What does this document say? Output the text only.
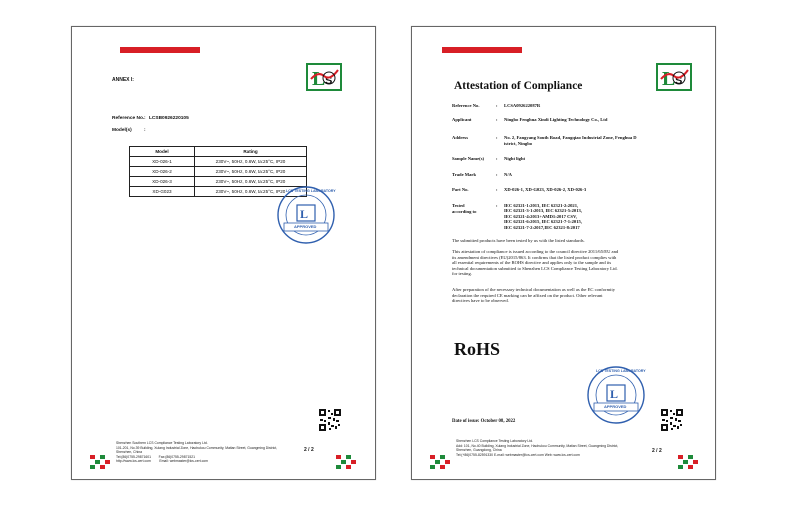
L S
ANNEX I:
Reference No. : LCSB0926220105
Model(s)	:
Model	Rating
XD-026-1	230V~, 50Hz, 0.6W, ta:25°C, IP20
XD-026-2	230V~, 50Hz, 0.6W, ta:25°C, IP20
XD-026-3	230V~, 50Hz, 0.6W, ta:25°C, IP20
XD-G023	230V~, 50Hz, 0.6W, ta:25°C, IP20
L
LCS TESTING LABORATORY
APPROVED
Shenzhen Southern LCS Compliance Testing Laboratory Ltd.
101-201, No.39 Building, Xulang Industrial Zone, Haohukou Community, Matian Street, Guangming District,
Shenzhen, China
Tel:(86)0755-29871601 Fax:(86)0755-29871521
http://www.lcs-cert.com Email: webmaster@lcs-cert.com
2 / 2
L S
Attestation of Compliance
Reference No.	: LCSA092622087R
Applicant	: Ningbo Fenghua Xindi Lighting Technology Co., Ltd
Address	: No. 2, Fangyang South Road, Fangqiao Industrial Zone, Fenghua D
istrict, Ningbo
Sample Name(s)	: Night light
Trade Mark	: N/A
Part No.	: XD-026-1, XD-G023, XD-026-2, XD-026-3
Tested
according to
: IEC 62321-1:2013, IEC 62321-2:2021,
IEC 62321-3-1:2013, IEC 62321-5:2013,
IEC 62321-4:2013+AMD1:2017 CSV,
IEC 62321-6:2015, IEC 62321-7-1:2015,
IEC 62321-7-2:2017,IEC 62321-8:2017
The submitted products have been tested by us with the listed standards.
This attestation of compliance is issued according to the council directive 2011/65/EU and
its amendment directives (EU)2015/863. It confirms that the listed product complies with
all essential requirements of the ROHS directive and applies only to the sample and its
technical documentation submitted to Shenzhen LCS Compliance Testing Laboratory Ltd.
for testing.
After preparation of the necessary technical documentation as well as the EC conformity
declaration the required CE marking can be affixed on the product. Other relevant
directives have to be observed.
RoHS
L
LCS TESTING LABORATORY
APPROVED
Date of issue: October 08, 2022
Shenzhen LCS Compliance Testing Laboratory Ltd.
Add: 101, No.40 Building, Xulang Industrial Zone, Haohukou Community, Matian Street, Guangming District,
Shenzhen, Guangdong, China
Tel:(+86)0755-82591330 E-mail: webmaster@lcs-cert.com Web: www.lcs-cert.com
2 / 2
